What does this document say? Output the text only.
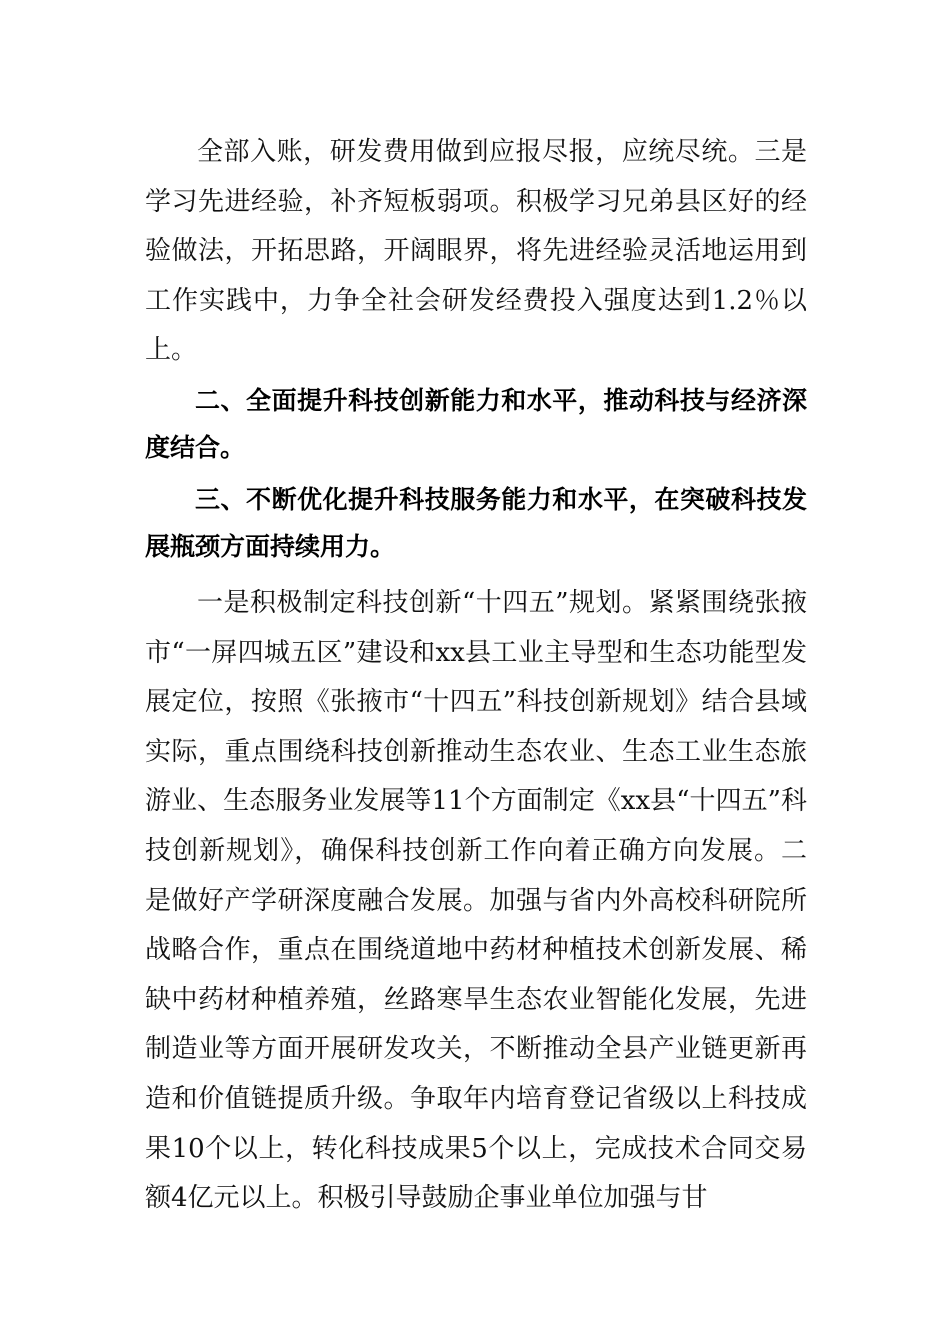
全部入账，研发费用做到应报尽报，应统尽统。三是学习先进经验，补齐短板弱项。积极学习兄弟县区好的经验做法，开拓思路，开阔眼界，将先进经验灵活地运用到工作实践中，力争全社会研发经费投入强度达到1.2％以上。

二、全面提升科技创新能力和水平，推动科技与经济深度结合。

三、不断优化提升科技服务能力和水平，在突破科技发展瓶颈方面持续用力。

一是积极制定科技创新“十四五”规划。紧紧围绕张掖市“一屏四城五区”建设和xx县工业主导型和生态功能型发展定位，按照《张掖市“十四五”科技创新规划》结合县域实际，重点围绕科技创新推动生态农业、生态工业生态旅游业、生态服务业发展等11个方面制定《xx县“十四五”科技创新规划》，确保科技创新工作向着正确方向发展。二是做好产学研深度融合发展。加强与省内外高校科研院所战略合作，重点在围绕道地中药材种植技术创新发展、稀缺中药材种植养殖，丝路寒旱生态农业智能化发展，先进制造业等方面开展研发攻关，不断推动全县产业链更新再造和价值链提质升级。争取年内培育登记省级以上科技成果10个以上，转化科技成果5个以上，完成技术合同交易额4亿元以上。积极引导鼓励企事业单位加强与甘
